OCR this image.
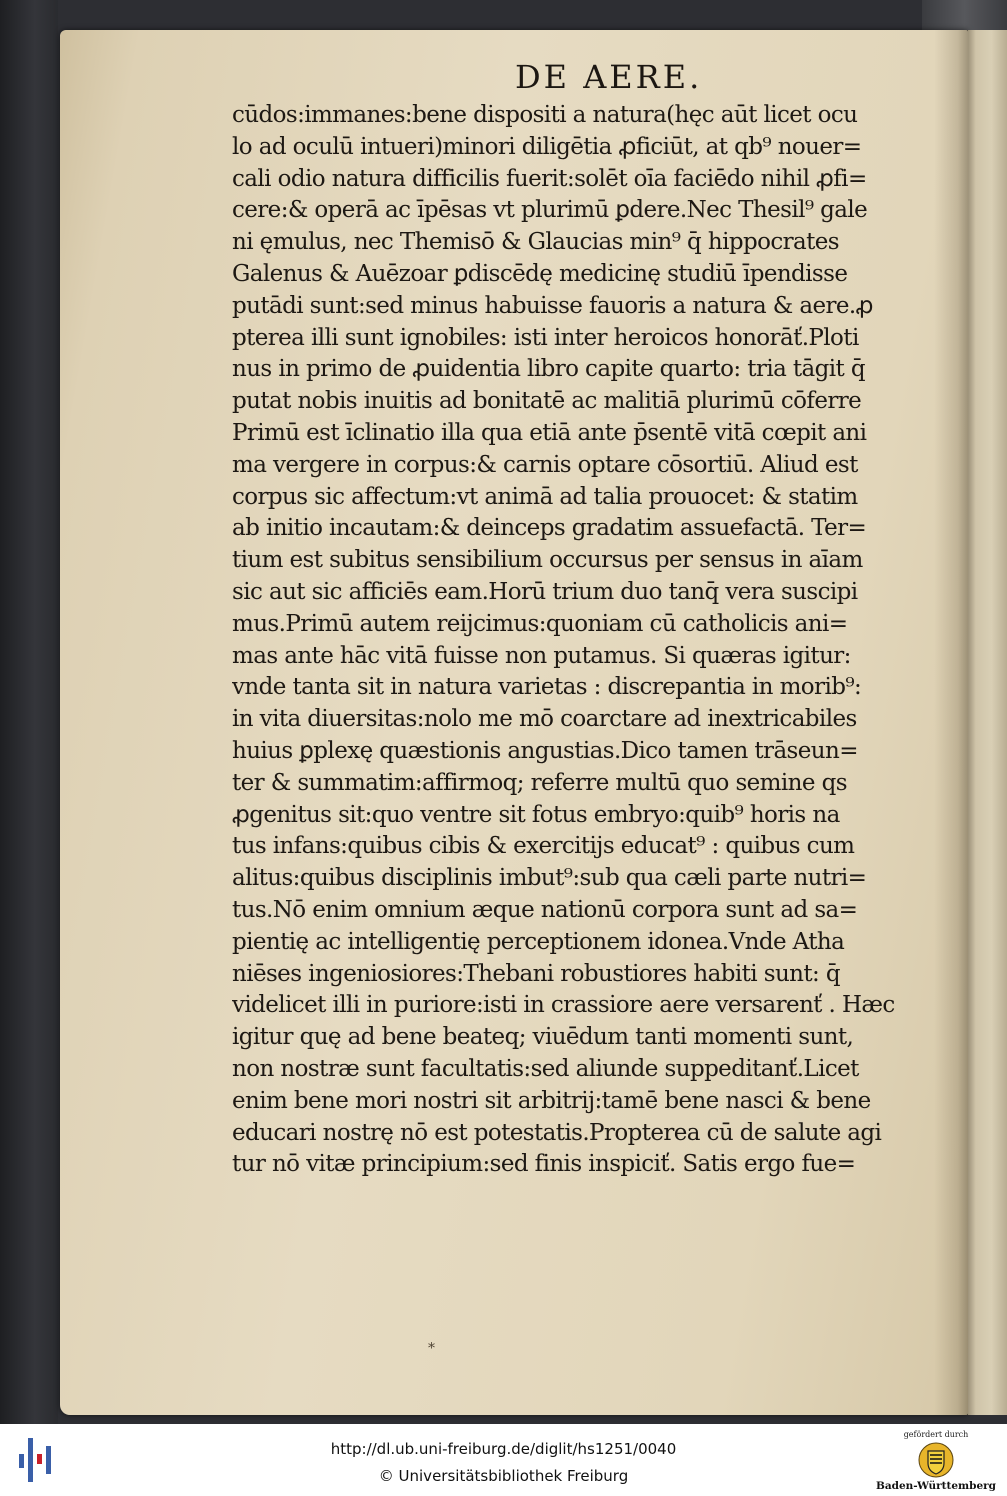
DE AERE.
cūdos:immanes:bene dispositi a natura(hęc aūt licet ocu
lo ad oculū intueri)minori diligētia ꝓficiūt, at qb⁹ nouer=
cali odio natura difficilis fuerit:solēt oīa faciēdo nihil ꝓfi=
cere:& operā ac īpēsas vt plurimū ꝑdere.Nec Thesil⁹ gale
ni ęmulus, nec Themisō & Glaucias min⁹ q̄ hippocrates
Galenus & Auēzoar ꝑdiscēdę medicinę studiū īpendisse
putādi sunt:sed minus habuisse fauoris a natura & aere.ꝓ
pterea illi sunt ignobiles: isti inter heroicos honorāť.Ploti
nus in primo de ꝓuidentia libro capite quarto: tria tāgit q̄
putat nobis inuitis ad bonitatē ac malitiā plurimū cōferre
Primū est īclinatio illa qua etiā ante p̄sentē vitā cœpit ani
ma vergere in corpus:& carnis optare cōsortiū. Aliud est
corpus sic affectum:vt animā ad talia prouocet: & statim
ab initio incautam:& deinceps gradatim assuefactā. Ter=
tium est subitus sensibilium occursus per sensus in aīam
sic aut sic afficiēs eam.Horū trium duo tanq̄ vera suscipi
mus.Primū autem reijcimus:quoniam cū catholicis ani=
mas ante hāc vitā fuisse non putamus. Si quæras igitur:
vnde tanta sit in natura varietas : discrepantia in morib⁹:
in vita diuersitas:nolo me mō coarctare ad inextricabiles
huius ꝑplexę quæstionis angustias.Dico tamen trāseun=
ter & summatim:affirmoq; referre multū quo semine qs
ꝓgenitus sit:quo ventre sit fotus embryo:quib⁹ horis na
tus infans:quibus cibis & exercitijs educat⁹ : quibus cum
alitus:quibus disciplinis imbut⁹:sub qua cæli parte nutri=
tus.Nō enim omnium æque nationū corpora sunt ad sa=
pientię ac intelligentię perceptionem idonea.Vnde Atha
niēses ingeniosiores:Thebani robustiores habiti sunt: q̄
videlicet illi in puriore:isti in crassiore aere versarenť . Hæc
igitur quę ad bene beateq; viuēdum tanti momenti sunt,
non nostræ sunt facultatis:sed aliunde suppeditanť.Licet
enim bene mori nostri sit arbitrij:tamē bene nasci & bene
educari nostrę nō est potestatis.Propterea cū de salute agi
tur nō vitæ principium:sed finis inspiciť. Satis ergo fue=
⁎
http://dl.ub.uni-freiburg.de/diglit/hs1251/0040
© Universitätsbibliothek Freiburg
gefördert durch
Baden-Württemberg
